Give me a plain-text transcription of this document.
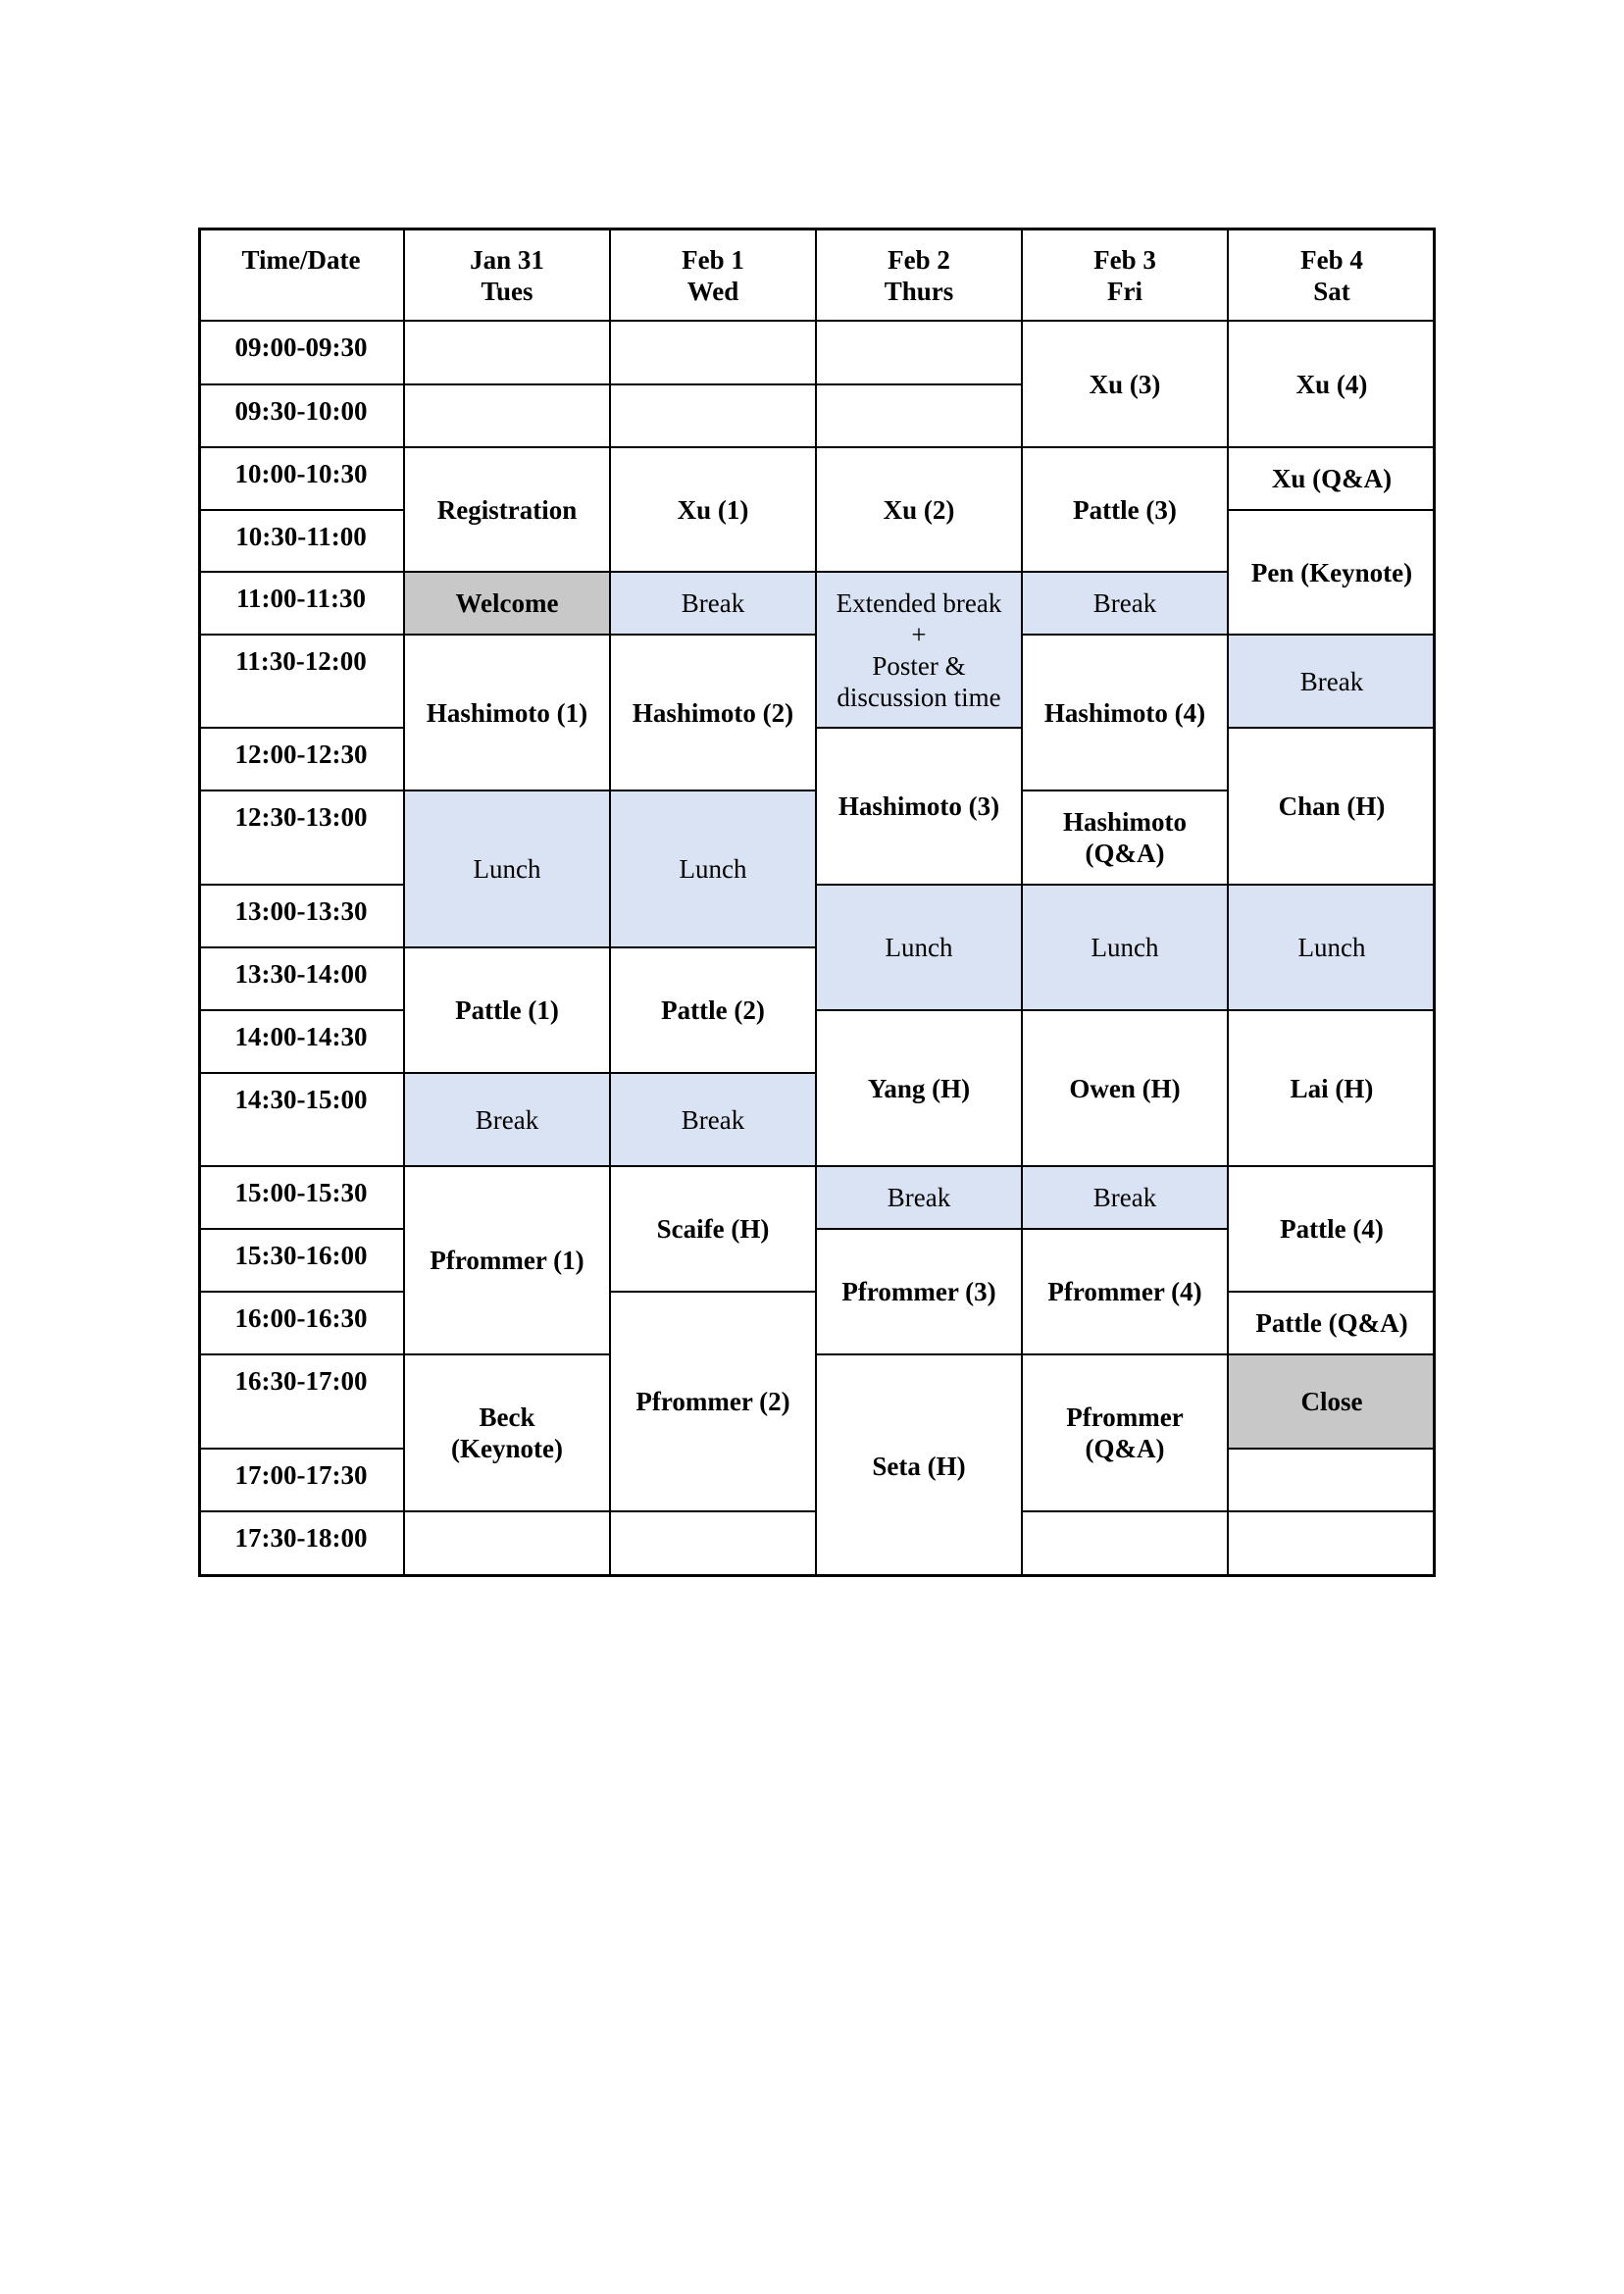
Time/Date	Jan 31
Tues
Feb 1
Wed
Feb 2
Thurs
Feb 3
Fri
Feb 4
Sat
09:00-09:30
09:30-10:00
10:00-10:30
10:30-11:00
11:00-11:30
11:30-12:00
12:00-12:30
12:30-13:00
13:00-13:30
13:30-14:00
14:00-14:30
14:30-15:00
15:00-15:30
15:30-16:00
16:00-16:30
16:30-17:00
17:00-17:30
17:30-18:00
Registration
Welcome
Hashimoto (1)
Lunch
Pattle (1)
Break
Pfrommer (1)
Beck
(Keynote)
Xu (1)
Break
Hashimoto (2)
Lunch
Pattle (2)
Break
Scaife (H)
Pfrommer (2)
Xu (2)
Extended break
+
Poster &
discussion time
Hashimoto (3)
Lunch
Yang (H)
Break
Pfrommer (3)
Seta (H)
Xu (3)
Pattle (3)
Break
Hashimoto (4)
Hashimoto
(Q&A)
Lunch
Owen (H)
Break
Pfrommer (4)
Pfrommer
(Q&A)
Xu (4)
Xu (Q&A)
Pen (Keynote)
Break
Chan (H)
Lunch
Lai (H)
Pattle (4)
Pattle (Q&A)
Close
